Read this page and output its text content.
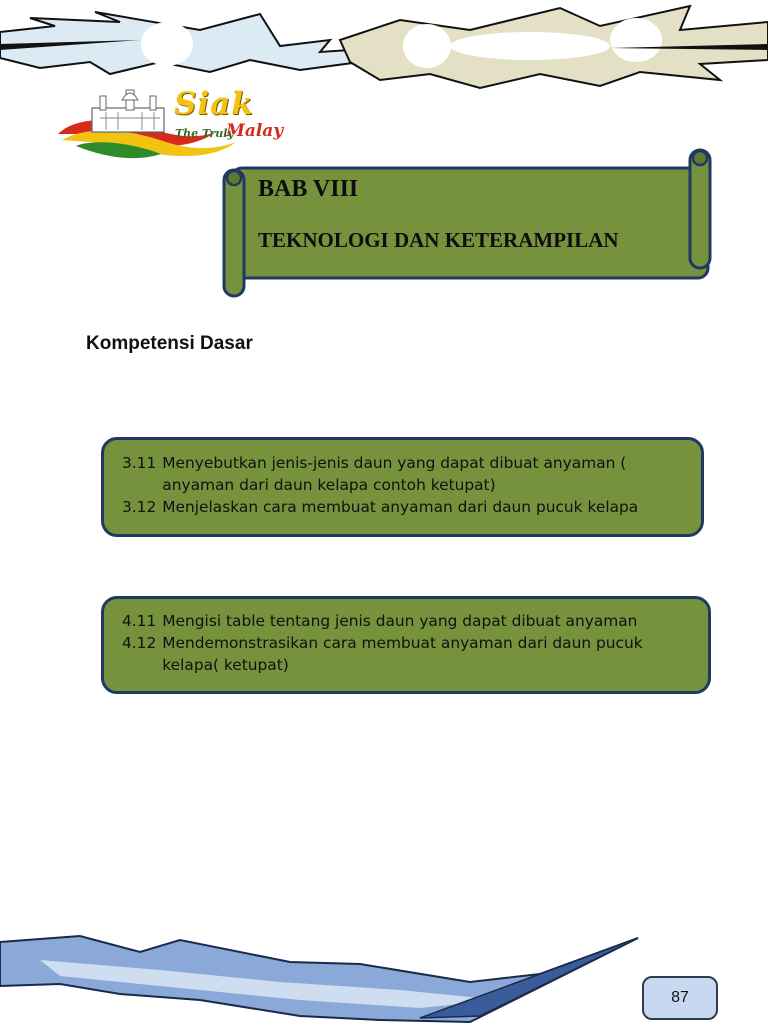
Siak
The Truly
Malay
BAB VIII
TEKNOLOGI DAN KETERAMPILAN
Kompetensi Dasar
3.11 Menyebutkan jenis-jenis daun yang dapat dibuat anyaman (
anyaman dari daun kelapa contoh ketupat)
3.12 Menjelaskan cara membuat anyaman dari daun pucuk kelapa
4.11 Mengisi table tentang jenis daun yang dapat dibuat anyaman
4.12 Mendemonstrasikan cara membuat anyaman dari daun pucuk
kelapa( ketupat)
87
